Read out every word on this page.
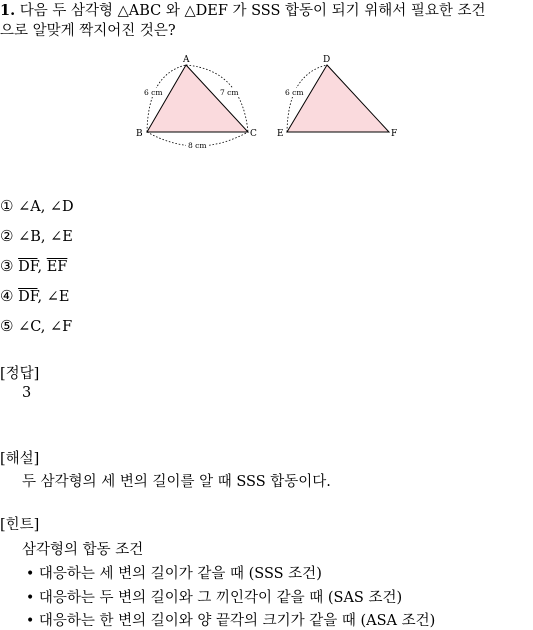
1. 다음 두 삼각형 △ABC 와 △DEF 가 SSS 합동이 되기 위해서 필요한 조건
으로 알맞게 짝지어진 것은?
A
B	C
6 cm	7 cm
8 cm
D
E	F
6 cm
① ∠A, ∠D
② ∠B, ∠E
③ $\overline{DF}$, $\overline{EF}$
④ $\overline{DF}$, ∠E
⑤ ∠C, ∠F
[정답]
3
[해설]
두 삼각형의 세 변의 길이를 알 때 SSS 합동이다.
[힌트]
삼각형의 합동 조건
• 대응하는 세 변의 길이가 같을 때 (SSS 조건)
• 대응하는 두 변의 길이와 그 끼인각이 같을 때 (SAS 조건)
• 대응하는 한 변의 길이와 양 끝각의 크기가 같을 때 (ASA 조건)
